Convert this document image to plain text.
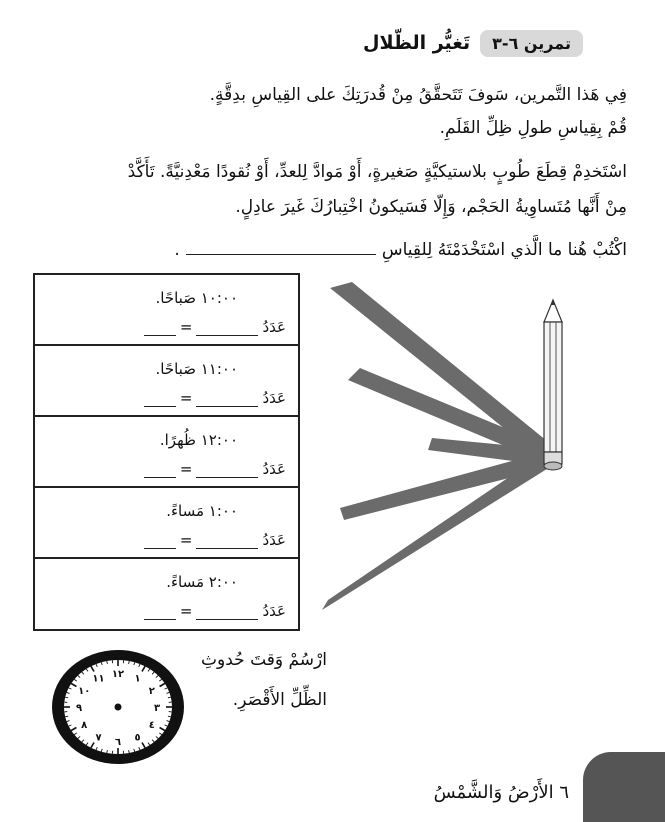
تمرين ٦-٣
تَغيُّر الظّلال
فِي هَذا التَّمرين، سَوفَ تَتَحقَّقُ مِنْ قُدرَتِكَ على القِياسِ بدِقَّةٍ.
قُمْ بِقِياسِ طولِ ظِلِّ القَلَمِ.
اسْتَخدِمْ قِطَعَ طُوبٍ بلاستيكيَّةٍ صَغيرةٍ، أَوْ مَوادَّ لِلعدِّ، أَوْ نُقودًا مَعْدِنيَّةً. تَأَكَّدْ
مِنْ أَنَّها مُتَساوِيةُ الحَجْم، وَإِلّا فَسَيكونُ اخْتِبارُكَ غَيرَ عادِلٍ.
اكْتُبْ هُنا ما الَّذي اسْتَخْدَمْتَهُ لِلقِياسِ.
١٠:٠٠ صَباحًا.
عَدَدُ
=
١١:٠٠ صَباحًا.
عَدَدُ
=
١٢:٠٠ ظُهرًا.
عَدَدُ
=
١:٠٠ مَساءً.
عَدَدُ
=
٢:٠٠ مَساءً.
عَدَدُ
=
ارْسُمْ وَقتَ حُدوثِ
الظِّلِّ الأَقْصَرِ.
١٢ ١
٢
٣
٤
٥
٦
٧
٨
٩
١٠
١١
٦ الأَرْضُ وَالشَّمْسُ
